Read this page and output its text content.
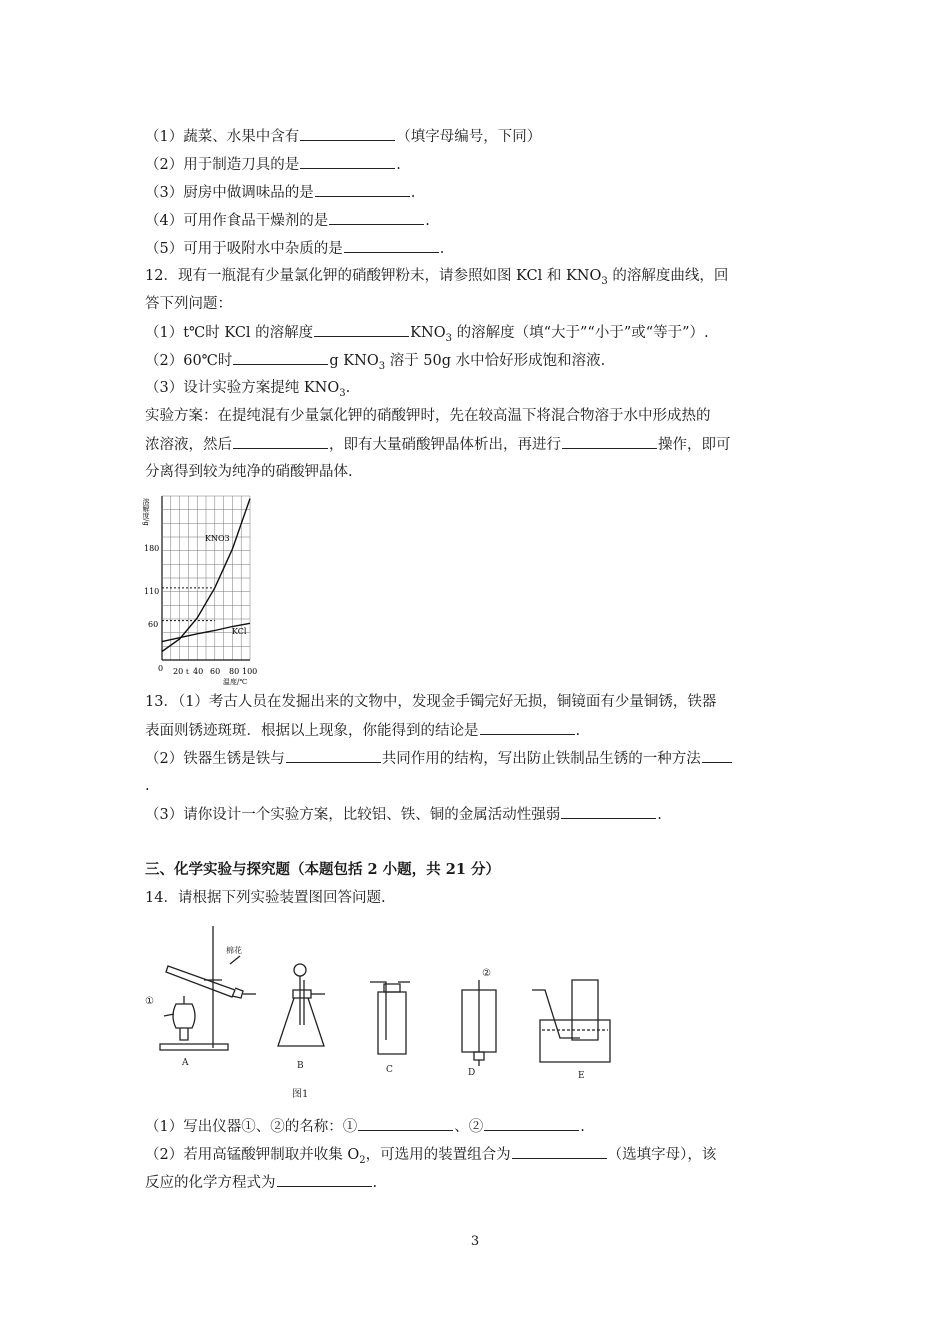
（1）蔬菜、水果中含有	（填字母编号，下同）
（2）用于制造刀具的是	.
（3）厨房中做调味品的是	.
（4）可用作食品干燥剂的是	.
（5）可用于吸附水中杂质的是	.
12．现有一瓶混有少量氯化钾的硝酸钾粉末，请参照如图 KCl 和 $KNO_3$ 的溶解度曲线，回
答下列问题：
（1）t℃时 KCl 的溶解度	$KNO_3$ 的溶解度（填“大于”“小于”或“等于”）.
（2）60℃时	g $KNO_3$ 溶于 50g 水中恰好形成饱和溶液.
（3）设计实验方案提纯 $KNO_3$.
实验方案：在提纯混有少量氯化钾的硝酸钾时，先在较高温下将混合物溶于水中形成热的
浓溶液，然后	，即有大量硝酸钾晶体析出，再进行	操作，即可
分离得到较为纯净的硝酸钾晶体.
溶解度/g
温度/℃
180
110
60
0 20 t 40 60 80 100
KNO3
KCl
13．（1）考古人员在发掘出来的文物中，发现金手镯完好无损，铜镜面有少量铜锈，铁器
表面则锈迹斑斑．根据以上现象，你能得到的结论是	.
（2）铁器生锈是铁与	共同作用的结构，写出防止铁制品生锈的一种方法
.
（3）请你设计一个实验方案，比较铝、铁、铜的金属活动性强弱	.
三、化学实验与探究题（本题包括 2 小题，共 21 分）
14．请根据下列实验装置图回答问题.
棉花
①
②
A	B	C	D	E
图1
（1）写出仪器①、②的名称：①	、②	.
（2）若用高锰酸钾制取并收集 $O_2$，可选用的装置组合为	（选填字母），该
反应的化学方程式为	.
3
